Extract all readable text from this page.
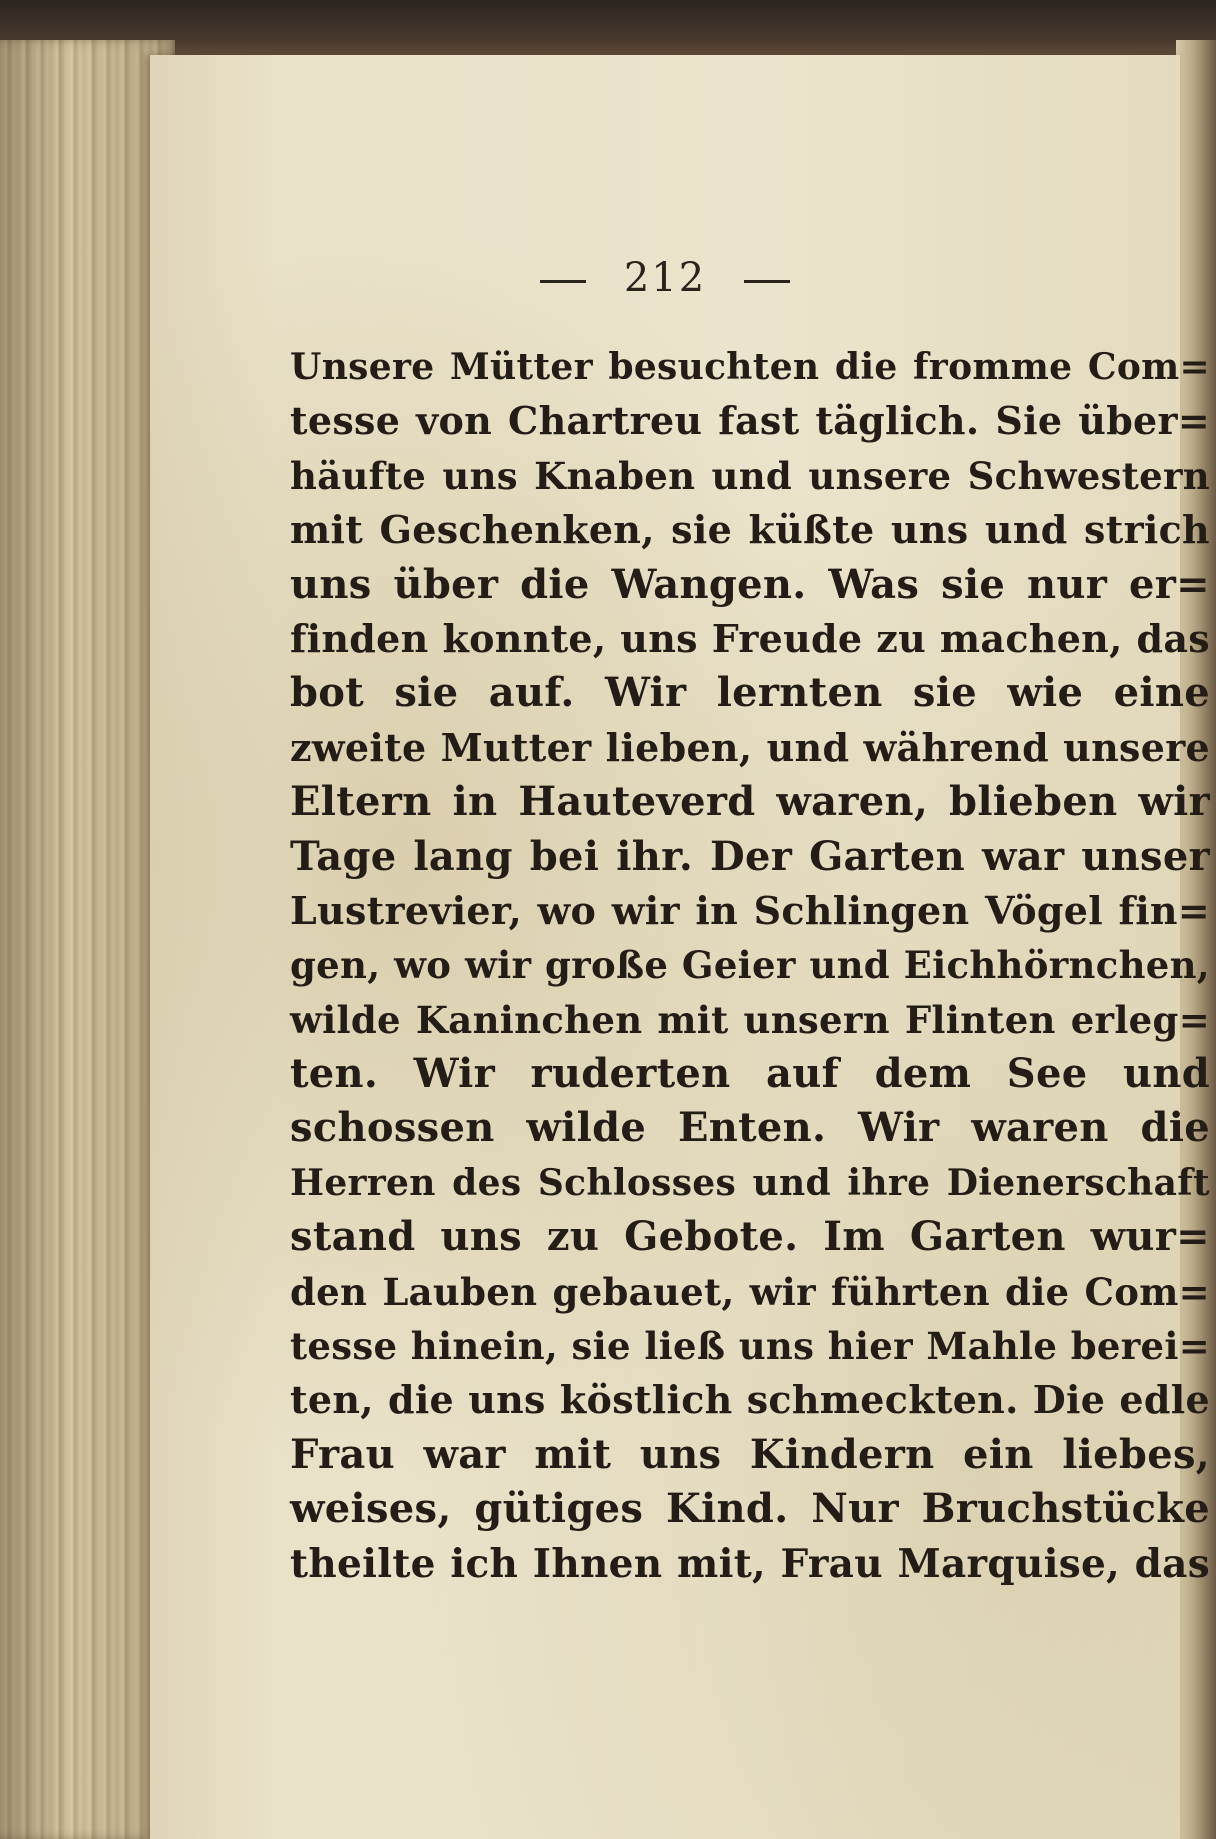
212
Unsere Mütter besuchten die fromme Com=
tesse von Chartreu fast täglich. Sie über=
häufte uns Knaben und unsere Schwestern
mit Geschenken, sie küßte uns und strich
uns über die Wangen. Was sie nur er=
finden konnte, uns Freude zu machen, das
bot sie auf. Wir lernten sie wie eine
zweite Mutter lieben, und während unsere
Eltern in Hauteverd waren, blieben wir
Tage lang bei ihr. Der Garten war unser
Lustrevier, wo wir in Schlingen Vögel fin=
gen, wo wir große Geier und Eichhörnchen,
wilde Kaninchen mit unsern Flinten erleg=
ten. Wir ruderten auf dem See und
schossen wilde Enten. Wir waren die
Herren des Schlosses und ihre Dienerschaft
stand uns zu Gebote. Im Garten wur=
den Lauben gebauet, wir führten die Com=
tesse hinein, sie ließ uns hier Mahle berei=
ten, die uns köstlich schmeckten. Die edle
Frau war mit uns Kindern ein liebes,
weises, gütiges Kind. Nur Bruchstücke
theilte ich Ihnen mit, Frau Marquise, das
